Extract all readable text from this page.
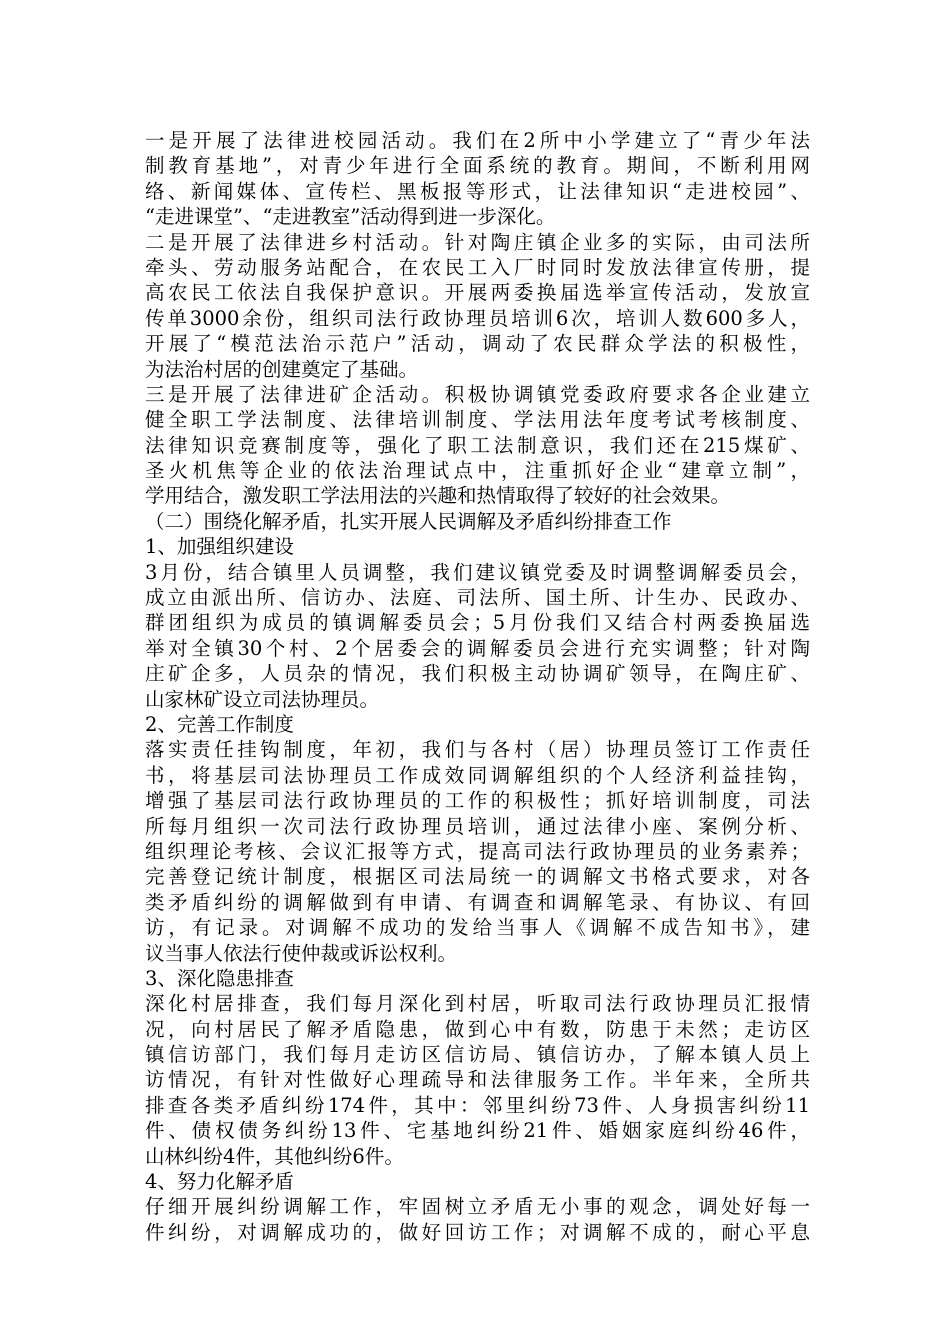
一是开展了法律进校园活动。我们在2所中小学建立了“青少年法
制教育基地”，对青少年进行全面系统的教育。期间，不断利用网
络、新闻媒体、宣传栏、黑板报等形式，让法律知识“走进校园”、
“走进课堂”、“走进教室”活动得到进一步深化。
二是开展了法律进乡村活动。针对陶庄镇企业多的实际，由司法所
牵头、劳动服务站配合，在农民工入厂时同时发放法律宣传册，提
高农民工依法自我保护意识。开展两委换届选举宣传活动，发放宣
传单3000余份，组织司法行政协理员培训6次，培训人数600多人，
开展了“模范法治示范户”活动，调动了农民群众学法的积极性，
为法治村居的创建奠定了基础。
三是开展了法律进矿企活动。积极协调镇党委政府要求各企业建立
健全职工学法制度、法律培训制度、学法用法年度考试考核制度、
法律知识竞赛制度等，强化了职工法制意识，我们还在215煤矿、
圣火机焦等企业的依法治理试点中，注重抓好企业“建章立制”，
学用结合，激发职工学法用法的兴趣和热情取得了较好的社会效果。
（二）围绕化解矛盾，扎实开展人民调解及矛盾纠纷排查工作
1、加强组织建设
3月份，结合镇里人员调整，我们建议镇党委及时调整调解委员会，
成立由派出所、信访办、法庭、司法所、国土所、计生办、民政办、
群团组织为成员的镇调解委员会；5月份我们又结合村两委换届选
举对全镇30个村、2个居委会的调解委员会进行充实调整；针对陶
庄矿企多，人员杂的情况，我们积极主动协调矿领导，在陶庄矿、
山家林矿设立司法协理员。
2、完善工作制度
落实责任挂钩制度，年初，我们与各村（居）协理员签订工作责任
书，将基层司法协理员工作成效同调解组织的个人经济利益挂钩，
增强了基层司法行政协理员的工作的积极性；抓好培训制度，司法
所每月组织一次司法行政协理员培训，通过法律小座、案例分析、
组织理论考核、会议汇报等方式，提高司法行政协理员的业务素养；
完善登记统计制度，根据区司法局统一的调解文书格式要求，对各
类矛盾纠纷的调解做到有申请、有调查和调解笔录、有协议、有回
访，有记录。对调解不成功的发给当事人《调解不成告知书》，建
议当事人依法行使仲裁或诉讼权利。
3、深化隐患排查
深化村居排查，我们每月深化到村居，听取司法行政协理员汇报情
况，向村居民了解矛盾隐患，做到心中有数，防患于未然；走访区
镇信访部门，我们每月走访区信访局、镇信访办，了解本镇人员上
访情况，有针对性做好心理疏导和法律服务工作。半年来，全所共
排查各类矛盾纠纷174件，其中：邻里纠纷73件、人身损害纠纷11
件、债权债务纠纷13件、宅基地纠纷21件、婚姻家庭纠纷46件，
山林纠纷4件，其他纠纷6件。
4、努力化解矛盾
仔细开展纠纷调解工作，牢固树立矛盾无小事的观念，调处好每一
件纠纷，对调解成功的，做好回访工作；对调解不成的，耐心平息
